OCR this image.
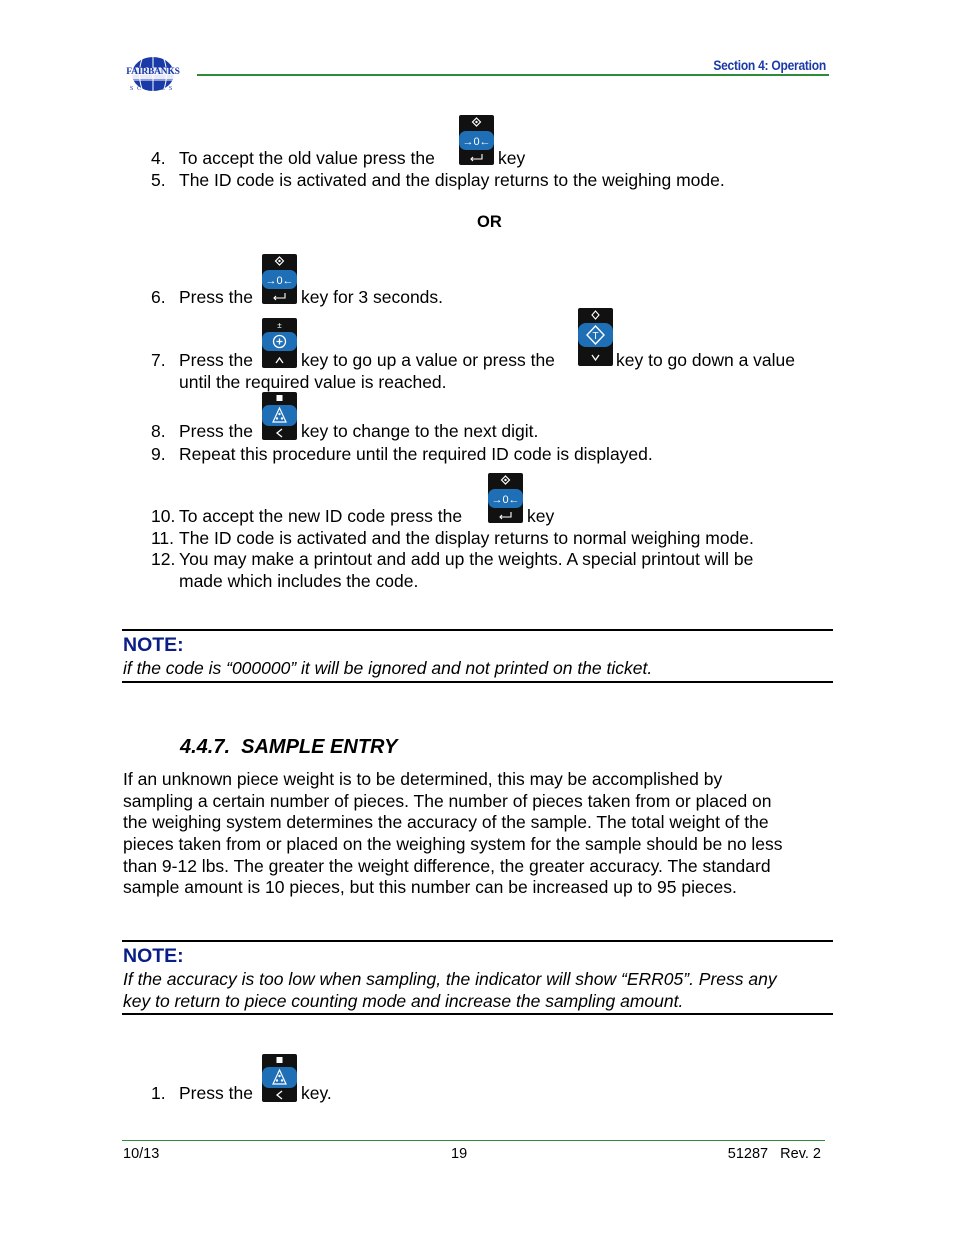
FAIRBANKS
SCALES
Section 4: Operation
4. To accept the old value press the	key
5. The ID code is activated and the display returns to the weighing mode.
OR
6. Press the	key for 3 seconds.
7. Press the	key to go up a value or press the	key to go down a value
until the required value is reached.
8. Press the	key to change to the next digit.
9. Repeat this procedure until the required ID code is displayed.
10. To accept the new ID code press the	key
11. The ID code is activated and the display returns to normal weighing mode.
12. You may make a printout and add up the weights. A special printout will be
made which includes the code.
NOTE:
if the code is “000000” it will be ignored and not printed on the ticket.
4.4.7.  SAMPLE ENTRY
If an unknown piece weight is to be determined, this may be accomplished by
sampling a certain number of pieces. The number of pieces taken from or placed on
the weighing system determines the accuracy of the sample. The total weight of the
pieces taken from or placed on the weighing system for the sample should be no less
than 9-12 lbs. The greater the weight difference, the greater accuracy. The standard
sample amount is 10 pieces, but this number can be increased up to 95 pieces.
NOTE:
If the accuracy is too low when sampling, the indicator will show “ERR05”. Press any
key to return to piece counting mode and increase the sampling amount.
1. Press the	key.
10/13	19	51287   Rev. 2
